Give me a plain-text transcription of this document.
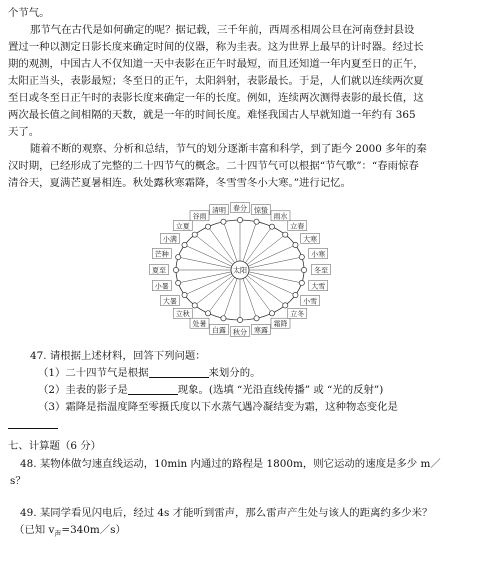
个节气。
那节气在古代是如何确定的呢？据记载，三千年前，西周丞相周公旦在河南登封县设
置过一种以测定日影长度来确定时间的仪器，称为圭表。这为世界上最早的计时器。经过长
期的观测，中国古人不仅知道一天中表影在正午时最短，而且还知道一年内夏至日的正午，
太阳正当头，表影最短；冬至日的正午，太阳斜射，表影最长。于是，人们就以连续两次夏
至日或冬至日正午时的表影长度来确定一年的长度。例如，连续两次测得表影的最长值，这
两次最长值之间相隔的天数，就是一年的时间长度。难怪我国古人早就知道一年约有 365
天了。
随着不断的观察、分析和总结，节气的划分逐渐丰富和科学，到了距今 2000 多年的秦
汉时期，已经形成了完整的二十四节气的概念。二十四节气可以根据“节气歌”：“春雨惊春
清谷天，夏满芒夏暑相连。秋处露秋寒霜降，冬雪雪冬小大寒。”进行记忆。
春分
清明
谷雨
立夏
小满
芒种
夏至
小暑
大暑
立秋
处暑
白露 秋分 寒露
霜降
立冬
小雪
大雪
冬至
小寒
大寒
立春
雨水
惊蛰
太阳
47. 请根据上述材料，回答下列问题：
（1）二十四节气是根据	来划分的。
（2）圭表的影子是	现象。(选填 “光沿直线传播” 或 “光的反射”)
（3）霜降是指温度降至零摄氏度以下水蒸气遇冷凝结变为霜，这种物态变化是
七、计算题（6 分）
48. 某物体做匀速直线运动，10min 内通过的路程是 1800m，则它运动的速度是多少 m／
s？
49. 某同学看见闪电后，经过 4s 才能听到雷声，那么雷声产生处与该人的距离约多少米？
（已知 $v_声=340m/s$）
